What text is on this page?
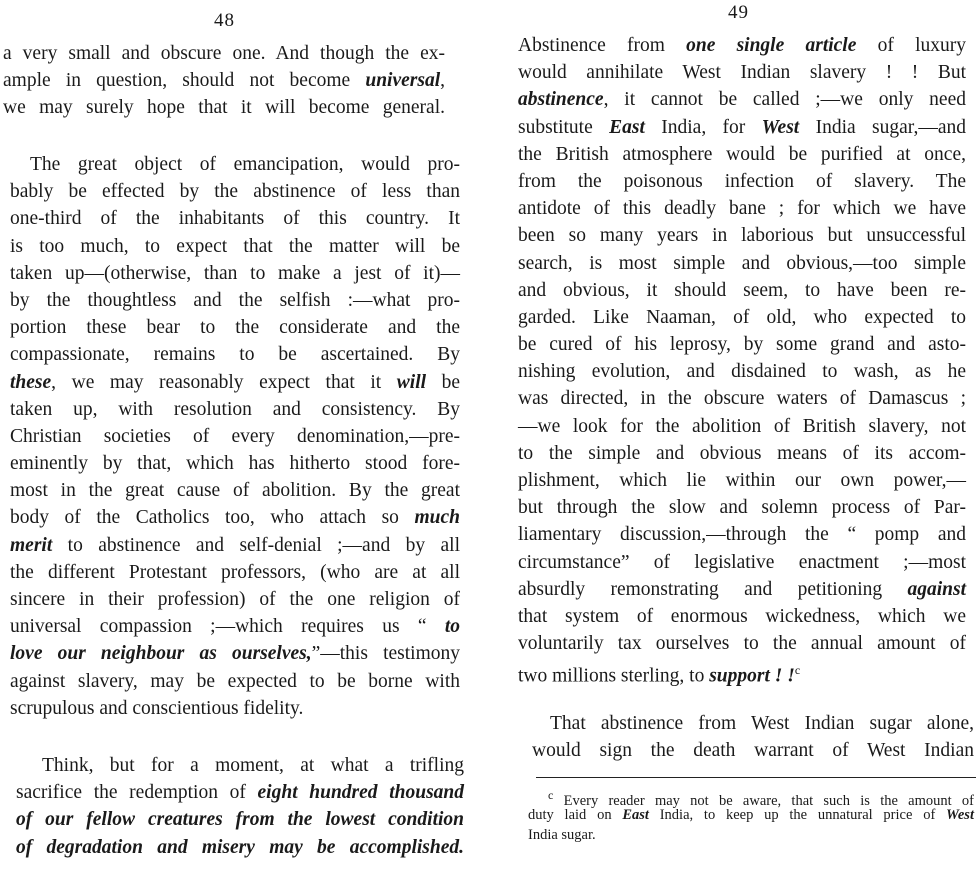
48
a very small and obscure one. And though the ex-
ample in question, should not become universal,
we may surely hope that it will become general.
The great object of emancipation, would pro-
bably be effected by the abstinence of less than
one-third of the inhabitants of this country. It
is too much, to expect that the matter will be
taken up—(otherwise, than to make a jest of it)—
by the thoughtless and the selfish :—what pro-
portion these bear to the considerate and the
compassionate, remains to be ascertained. By
these, we may reasonably expect that it will be
taken up, with resolution and consistency. By
Christian societies of every denomination,—pre-
eminently by that, which has hitherto stood fore-
most in the great cause of abolition. By the great
body of the Catholics too, who attach so much
merit to abstinence and self-denial ;—and by all
the different Protestant professors, (who are at all
sincere in their profession) of the one religion of
universal compassion ;—which requires us “ to
love our neighbour as ourselves,”—this testimony
against slavery, may be expected to be borne with
scrupulous and conscientious fidelity.
Think, but for a moment, at what a trifling
sacrifice the redemption of eight hundred thousand
of our fellow creatures from the lowest condition
of degradation and misery may be accomplished.
49
Abstinence from one single article of luxury
would annihilate West Indian slavery ! ! But
abstinence, it cannot be called ;—we only need
substitute East India, for West India sugar,—and
the British atmosphere would be purified at once,
from the poisonous infection of slavery. The
antidote of this deadly bane ; for which we have
been so many years in laborious but unsuccessful
search, is most simple and obvious,—too simple
and obvious, it should seem, to have been re-
garded. Like Naaman, of old, who expected to
be cured of his leprosy, by some grand and asto-
nishing evolution, and disdained to wash, as he
was directed, in the obscure waters of Damascus ;
—we look for the abolition of British slavery, not
to the simple and obvious means of its accom-
plishment, which lie within our own power,—
but through the slow and solemn process of Par-
liamentary discussion,—through the “ pomp and
circumstance” of legislative enactment ;—most
absurdly remonstrating and petitioning against
that system of enormous wickedness, which we
voluntarily tax ourselves to the annual amount of
two millions sterling, to support ! !$^c$
That abstinence from West Indian sugar alone,
would sign the death warrant of West Indian
$^c$ Every reader may not be aware, that such is the amount of
duty laid on East India, to keep up the unnatural price of West
India sugar.
